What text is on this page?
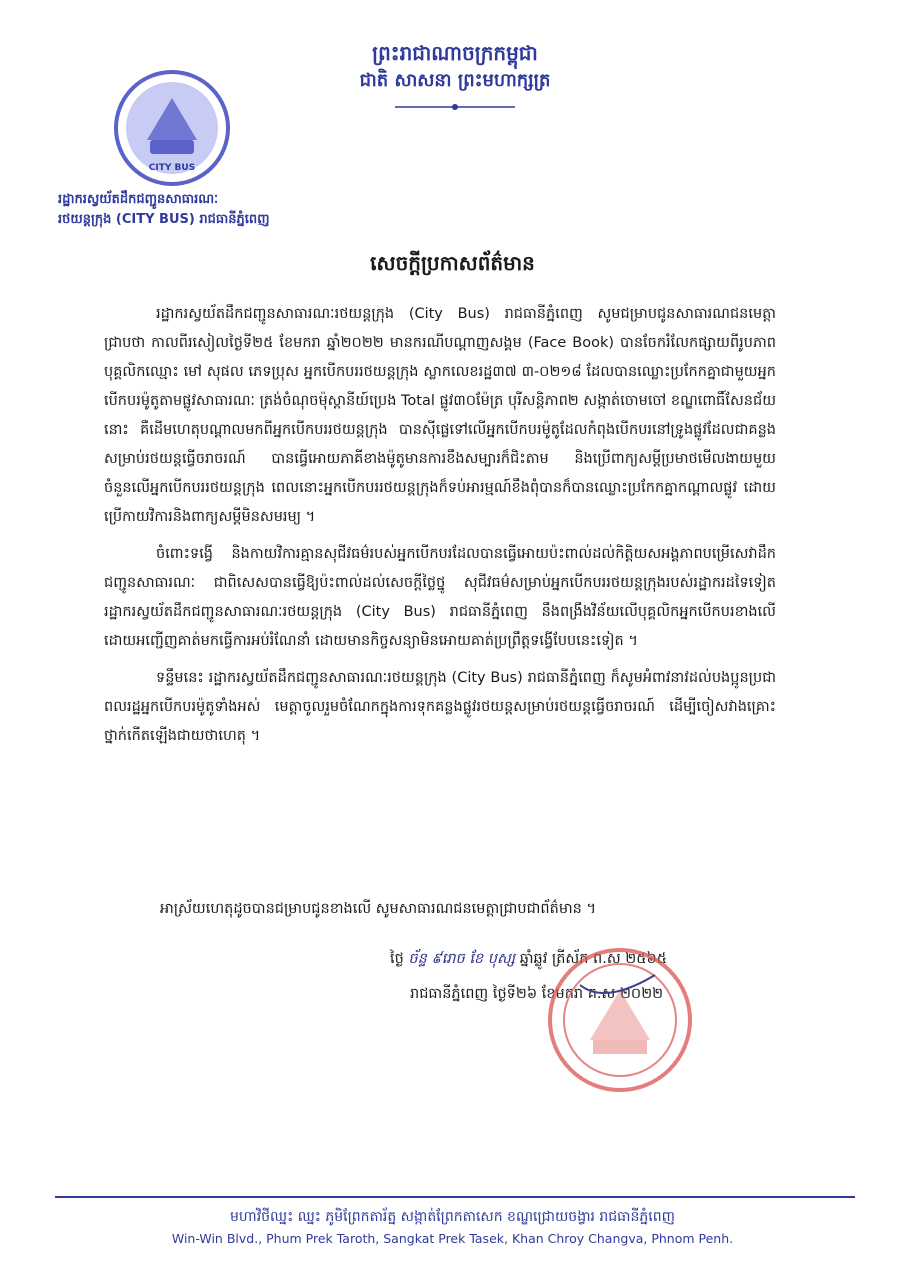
ព្រះរាជាណាចក្រកម្ពុជា
ជាតិ សាសនា ព្រះមហាក្សត្រ
CITY BUS
រដ្ឋាករស្វយ័តដឹកជញ្ជូនសាធារណៈ
រថយន្តក្រុង (CITY BUS) រាជធានីភ្នំពេញ
សេចក្តីប្រកាសព័ត៌មាន

រដ្ឋាករស្វយ័តដឹកជញ្ជូនសាធារណៈរថយន្តក្រុង (City Bus) រាជធានីភ្នំពេញ សូមជម្រាបជូនសាធារណជនមេត្តាជ្រាបថា កាលពីរសៀលថ្ងៃទី២៥ ខែមករា ឆ្នាំ២០២២ មានករណីបណ្តាញសង្គម (Face Book) បានចែករំលែកផ្សាយពីរូបភាពបុគ្គលិកឈ្មោះ មៅ សុផល ភេទប្រុស អ្នកបើកបររថយន្តក្រុង ស្លាកលេខរដ្ឋ៣៧ ៣-០២១៨ ដែលបានឈ្លោះប្រកែកគ្នាជាមួយអ្នកបើកបរម៉ូតូតាមផ្លូវសាធារណៈ ត្រង់ចំណុចម៉ុស្តានីយ៍ប្រេង Total ផ្លូវ៣០ម៉ែត្រ បុរីសន្តិភាព២ សង្កាត់ចោមចៅ ខណ្ឌពោធិ៍សែនជ័យ នោះ គឺដើមហេតុបណ្តាលមកពីអ្នកបើកបររថយន្តក្រុង បានស៊ីផ្លេទៅលើអ្នកបើកបរម៉ូតូដែលកំពុងបើកបរនៅទ្រូងផ្លូវដែលជាគន្លងសម្រាប់រថយន្តធ្វើចរាចរណ៍ បានធ្វើអោយភាគីខាងម៉ូតូមានការខឹងសម្បារក៏ជិះតាម និងប្រើពាក្យសម្តីប្រមាថមើលងាយមួយចំនួនលើអ្នកបើកបររថយន្តក្រុង ពេលនោះអ្នកបើកបររថយន្តក្រុងក៏ទប់អារម្មណ៍ខឹងពុំបានក៏បានឈ្លោះប្រកែកគ្នាកណ្តាលផ្លូវ ដោយប្រើកាយវិការនិងពាក្យសម្តីមិនសមរម្យ ។

ចំពោះទង្វើ និងកាយវិការគ្មានសុជីវធម៌របស់អ្នកបើកបរដែលបានធ្វើអោយប៉ះពាល់ដល់កិត្តិយសអង្គភាពបម្រើសេវាដឹកជញ្ជូនសាធារណៈ ជាពិសេសបានធ្វើឱ្យប៉ះពាល់ដល់សេចក្តីថ្លៃថ្នូ សុជីវធម៌សម្រាប់អ្នកបើកបររថយន្តក្រុងរបស់រដ្ឋាករដទៃទៀត រដ្ឋាករស្វយ័តដឹកជញ្ជូនសាធារណៈរថយន្តក្រុង (City Bus) រាជធានីភ្នំពេញ នឹងពង្រឹងវិន័យលើបុគ្គលិកអ្នកបើកបរខាងលើ ដោយអញ្ជើញគាត់មកធ្វើការអប់រំណែនាំ ដោយមានកិច្ចសន្យាមិនអោយគាត់ប្រព្រឹត្តទង្វើបែបនេះទៀត ។

ទន្ទឹមនេះ រដ្ឋាករស្វយ័តដឹកជញ្ជូនសាធារណៈរថយន្តក្រុង (City Bus) រាជធានីភ្នំពេញ ក៏សូមអំពាវនាវដល់បងប្អូនប្រជាពលរដ្ឋអ្នកបើកបរម៉ូតូទាំងអស់ មេត្តាចូលរួមចំណែកក្នុងការទុកគន្លងផ្លូវរថយន្តសម្រាប់រថយន្តធ្វើចរាចរណ៍ ដើម្បីចៀសវាងគ្រោះថ្នាក់កើតឡើងជាយថាហេតុ ។

អាស្រ័យហេតុដូចបានជម្រាបជូនខាងលើ សូមសាធារណជនមេត្តាជ្រាបជាព័ត៌មាន ។
ថ្ងៃ ច័ន្ទ ៩រោច ខែ បុស្ស ឆ្នាំឆ្លូវ ត្រីស័ក ព.ស ២៥៦៥
រាជធានីភ្នំពេញ ថ្ងៃទី២៦ ខែមករា គ.ស ២០២២
មហាវិថីឈ្នះ ឈ្នះ ភូមិព្រែកតារ័ត្ន សង្កាត់ព្រែកតាសេក ខណ្ឌជ្រោយចង្វារ រាជធានីភ្នំពេញ
Win-Win Blvd., Phum Prek Taroth, Sangkat Prek Tasek, Khan Chroy Changva, Phnom Penh.
